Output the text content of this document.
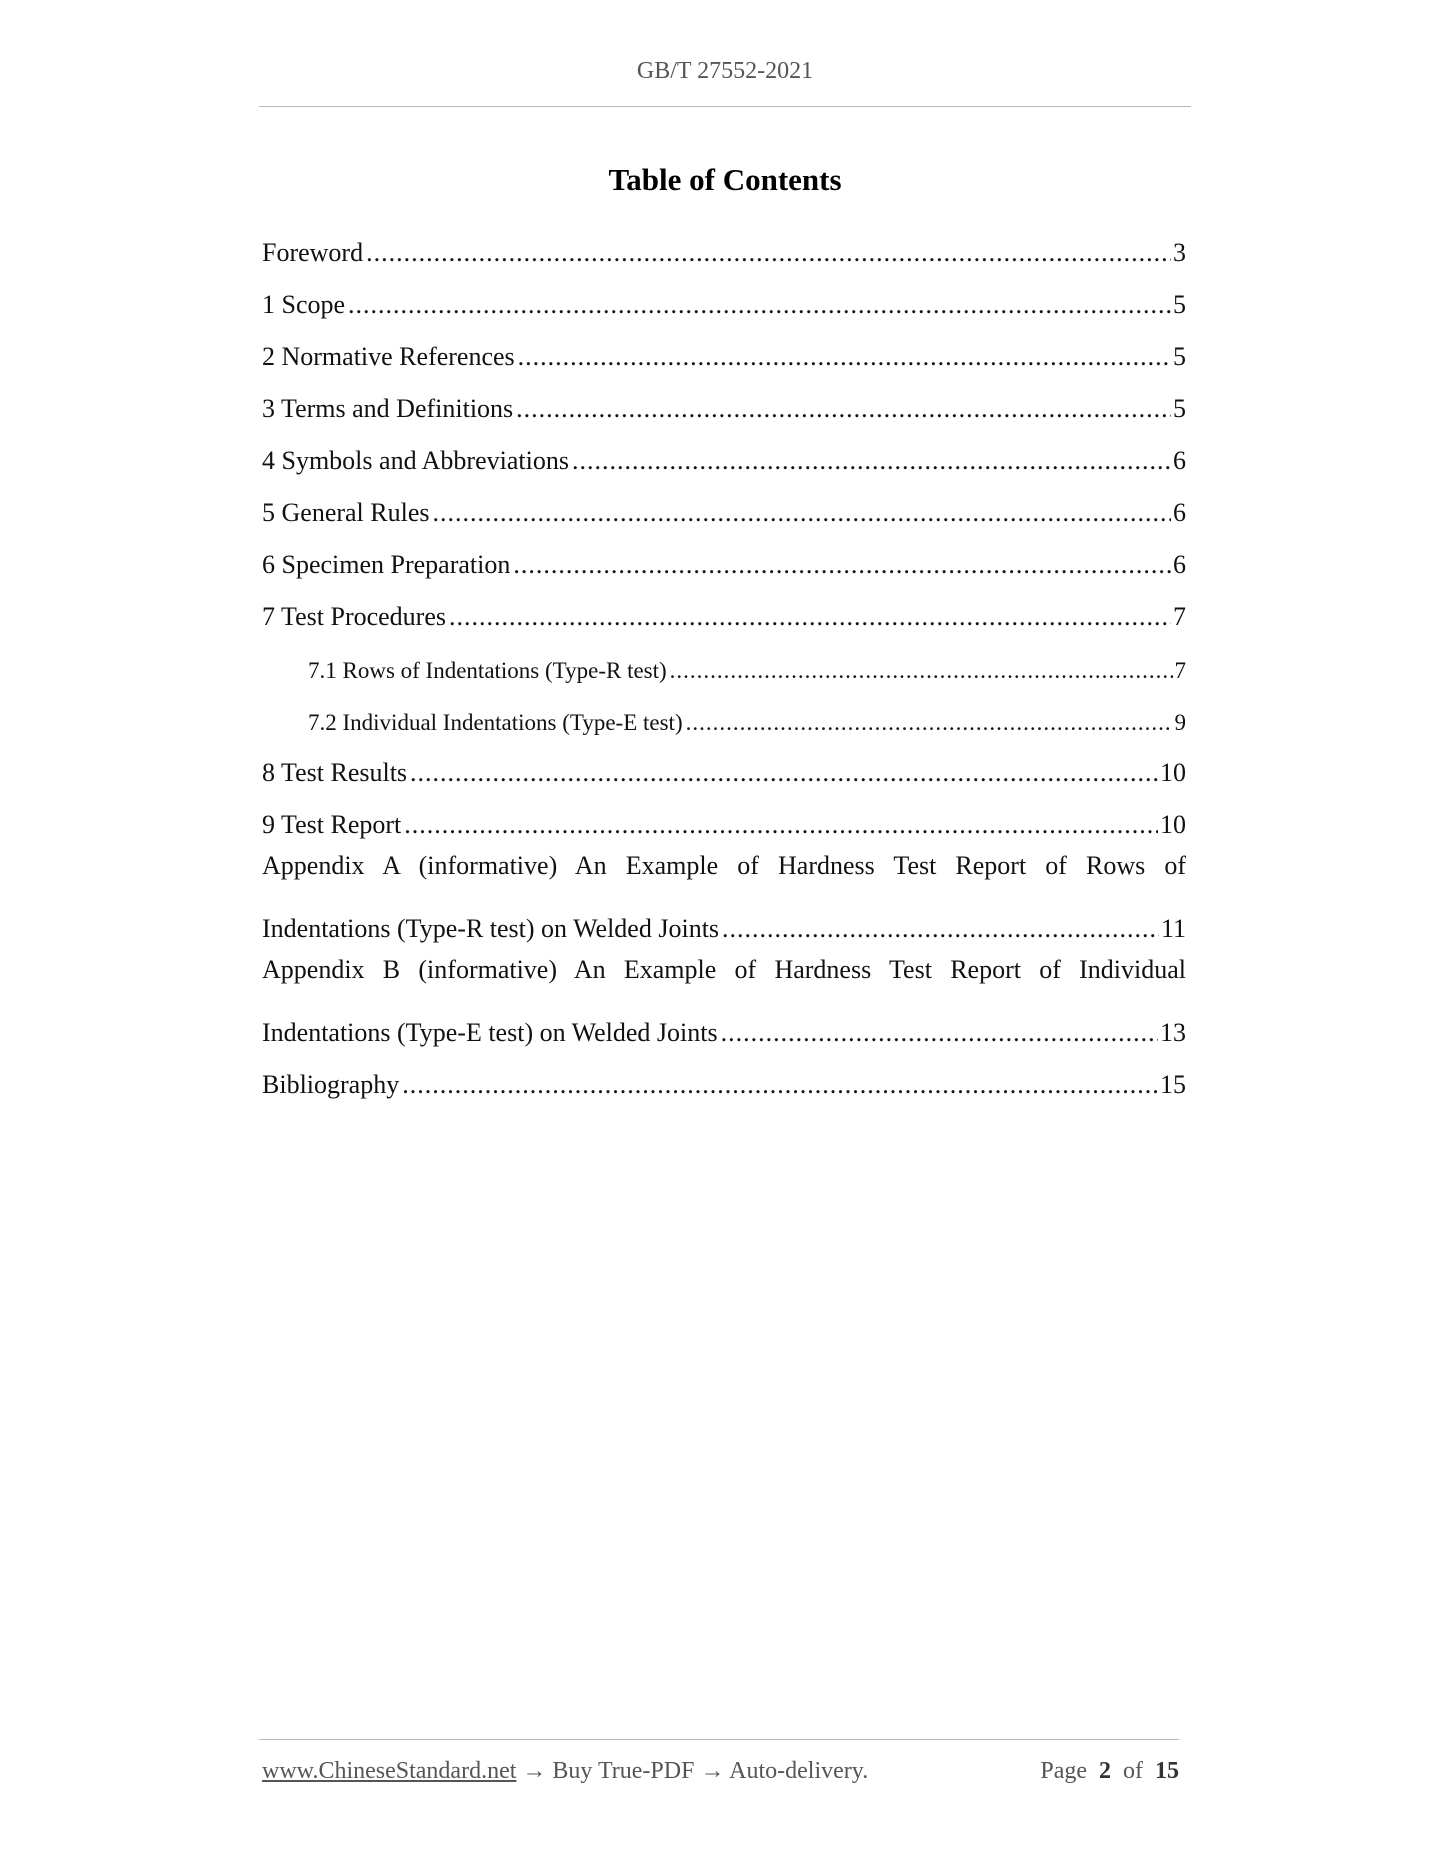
GB/T 27552-2021
Table of Contents
Foreword .....	3
1 Scope .....	5
2 Normative References .....	5
3 Terms and Definitions .....	5
4 Symbols and Abbreviations .....	6
5 General Rules .....	6
6 Specimen Preparation .....	6
7 Test Procedures .....	7
7.1 Rows of Indentations (Type-R test) .....	7
7.2 Individual Indentations (Type-E test) .....	9
8 Test Results .....	10
9 Test Report .....	10
Appendix A (informative) An Example of Hardness Test Report of Rows of
Indentations (Type-R test) on Welded Joints .....	11
Appendix B (informative) An Example of Hardness Test Report of Individual
Indentations (Type-E test) on Welded Joints .....	13
Bibliography .....	15
www.ChineseStandard.net → Buy True-PDF → Auto-delivery.	Page 2 of 15
